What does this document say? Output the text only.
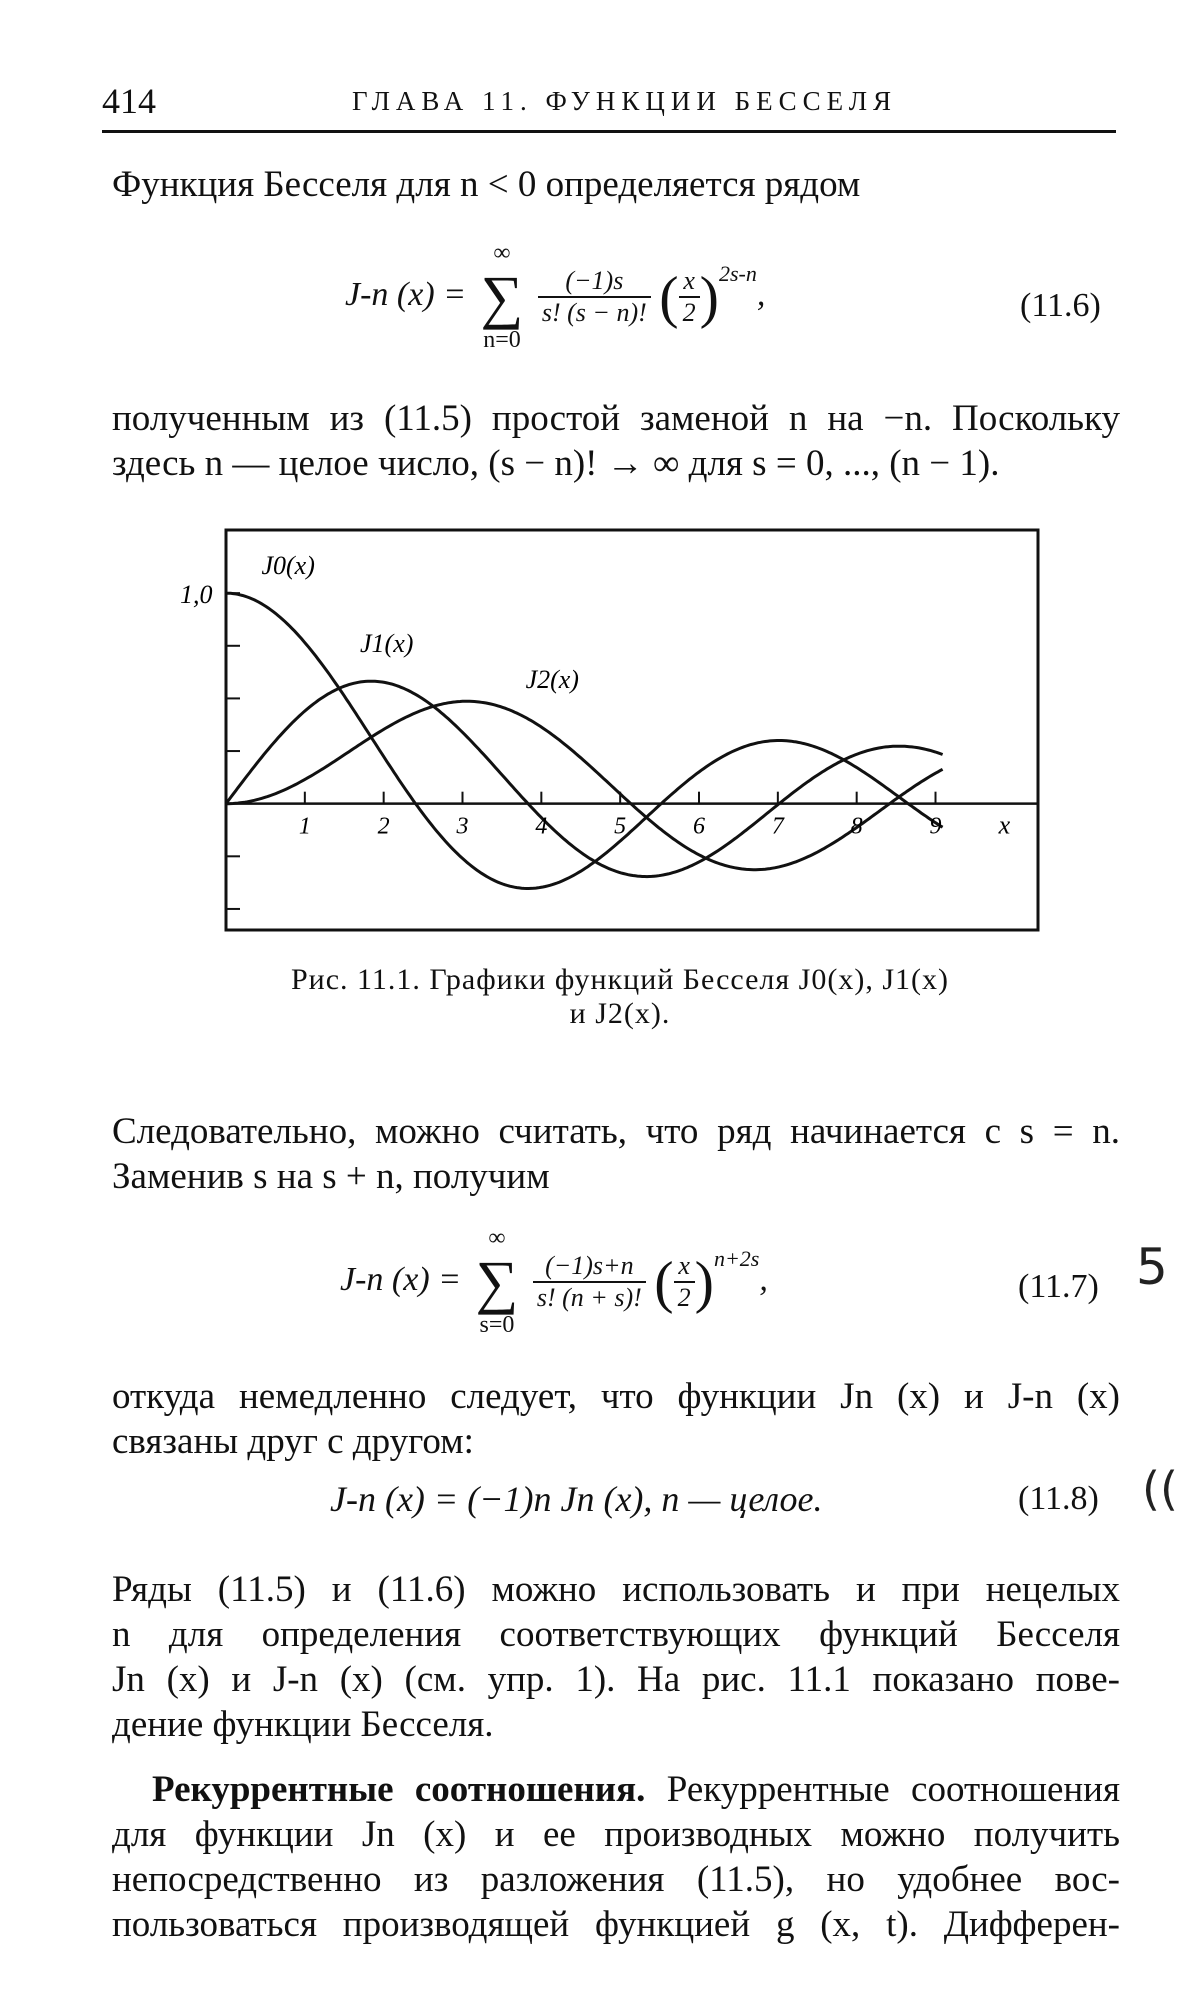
414	ГЛАВА 11. ФУНКЦИИ БЕССЕЛЯ
Функция Бесселя для n < 0 определяется рядом
J-n (x) =
∞
∑
n=0

$\frac{(-1)s}{s! (s - n)!}$ ( $\frac{x}{2} )^{2s-n}$,	(11.6)
полученным из (11.5) простой заменой n на −n. Поскольку
здесь n — целое число, (s − n)! → ∞ для s = 0, ..., (n − 1).
1	2	3	4	5	6	7	8	9
1,0
x
J0(x)
J1(x)
J2(x)
Рис. 11.1. Графики функций Бесселя J0(x), J1(x)
и J2(x).
Следовательно, можно считать, что ряд начинается с s = n.
Заменив s на s + n, получим
J-n (x) =
∞
∑
s=0

$\frac{(-1)s+n}{s! (n + s)!}$ ( $\frac{x}{2} )^{n+2s}$,	(11.7) 5
откуда немедленно следует, что функции Jn (x) и J-n (x)
связаны друг с другом:
J-n (x) = (−1)n Jn (x), n — целое.	(11.8) ((
Ряды (11.5) и (11.6) можно использовать и при нецелых
n для определения соответствующих функций Бесселя
Jn (x) и J-n (x) (см. упр. 1). На рис. 11.1 показано пове-
дение функции Бесселя.
Рекуррентные соотношения. Рекуррентные соотношения
для функции Jn (x) и ее производных можно получить
непосредственно из разложения (11.5), но удобнее вос-
пользоваться производящей функцией g (x, t). Дифферен-
